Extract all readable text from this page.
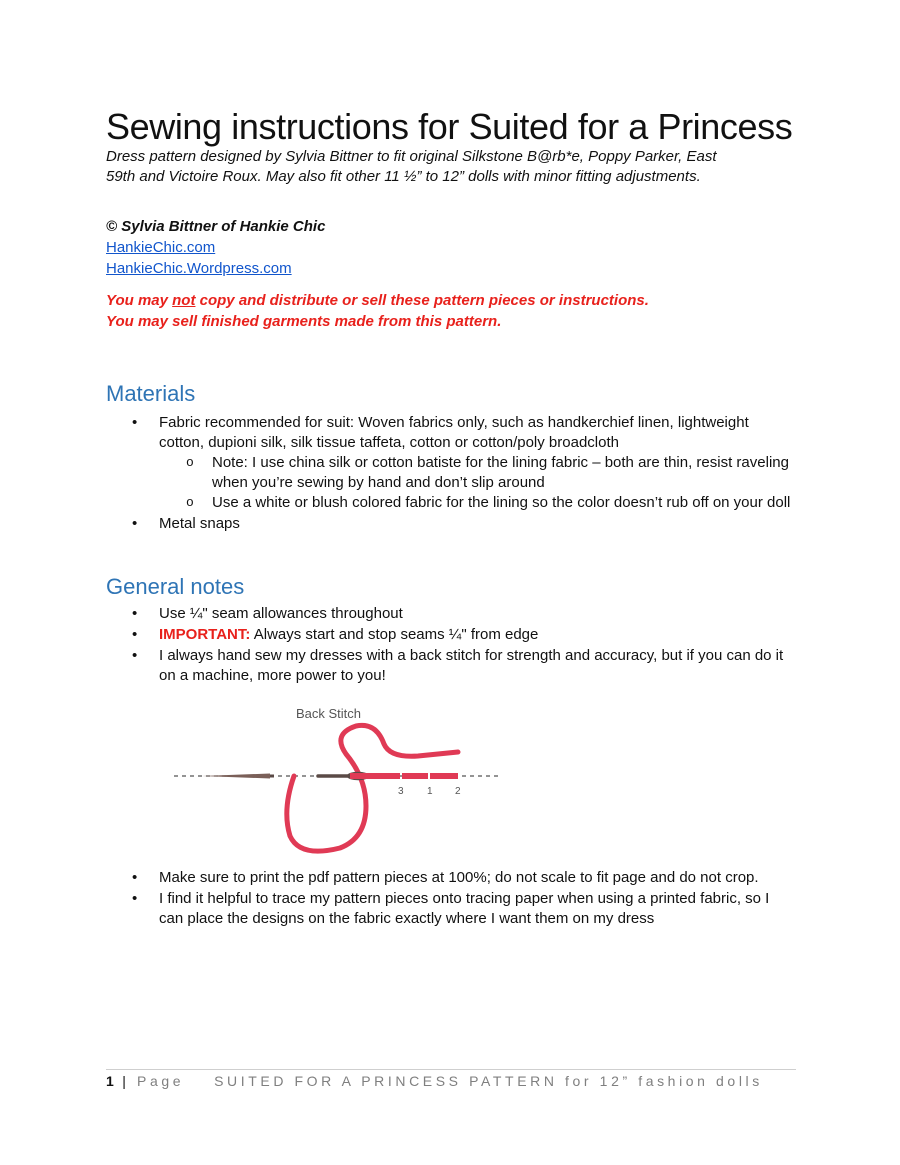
Sewing instructions for Suited for a Princess

Dress pattern designed by Sylvia Bittner to fit original Silkstone B@rb*e, Poppy Parker, East 59th and Victoire Roux. May also fit other 11 ½” to 12” dolls with minor fitting adjustments.

© Sylvia Bittner of Hankie Chic
HankieChic.com
HankieChic.Wordpress.com
You may not copy and distribute or sell these pattern pieces or instructions.
You may sell finished garments made from this pattern.
Materials
• Fabric recommended for suit: Woven fabrics only, such as handkerchief linen, lightweight cotton, dupioni silk, silk tissue taffeta, cotton or cotton/poly broadcloth
o Note: I use china silk or cotton batiste for the lining fabric – both are thin, resist raveling when you’re sewing by hand and don’t slip around
o Use a white or blush colored fabric for the lining so the color doesn’t rub off on your doll
• Metal snaps
General notes
• Use ¼" seam allowances throughout
• IMPORTANT: Always start and stop seams ¼" from edge
• I always hand sew my dresses with a back stitch for strength and accuracy, but if you can do it on a machine, more power to you!
Back Stitch
3 1 2
• Make sure to print the pdf pattern pieces at 100%; do not scale to fit page and do not crop.
• I find it helpful to trace my pattern pieces onto tracing paper when using a printed fabric, so I can place the designs on the fabric exactly where I want them on my dress
1 | Page SUITED FOR A PRINCESS PATTERN for 12” fashion dolls
